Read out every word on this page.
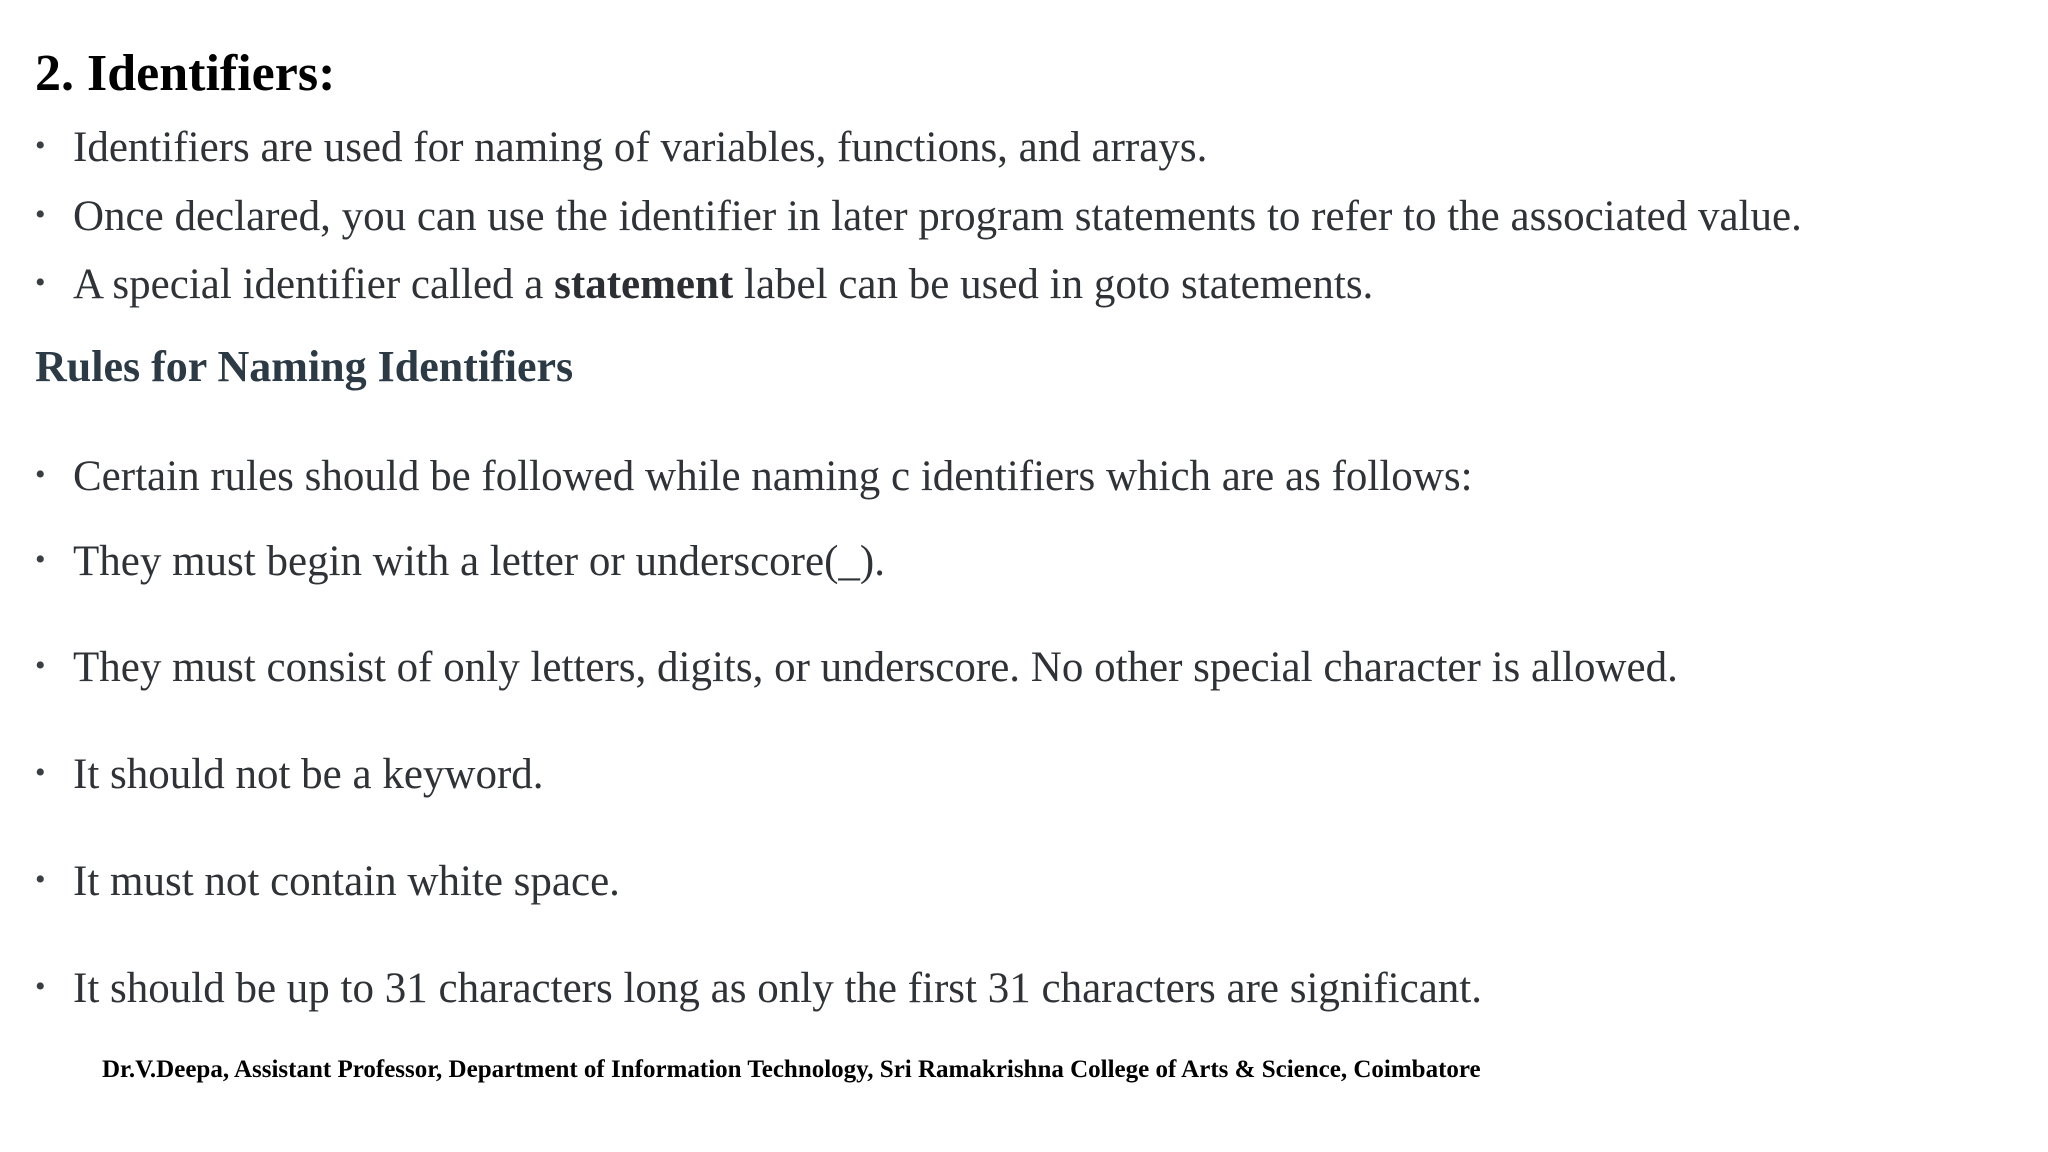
2. Identifiers:
• Identifiers are used for naming of variables, functions, and arrays.
• Once declared, you can use the identifier in later program statements to refer to the associated value.
• A special identifier called a statement label can be used in goto statements.
Rules for Naming Identifiers
• Certain rules should be followed while naming c identifiers which are as follows:
• They must begin with a letter or underscore(_).
• They must consist of only letters, digits, or underscore. No other special character is allowed.
• It should not be a keyword.
• It must not contain white space.
• It should be up to 31 characters long as only the first 31 characters are significant.

Dr.V.Deepa, Assistant Professor, Department of Information Technology, Sri Ramakrishna College of Arts & Science, Coimbatore
